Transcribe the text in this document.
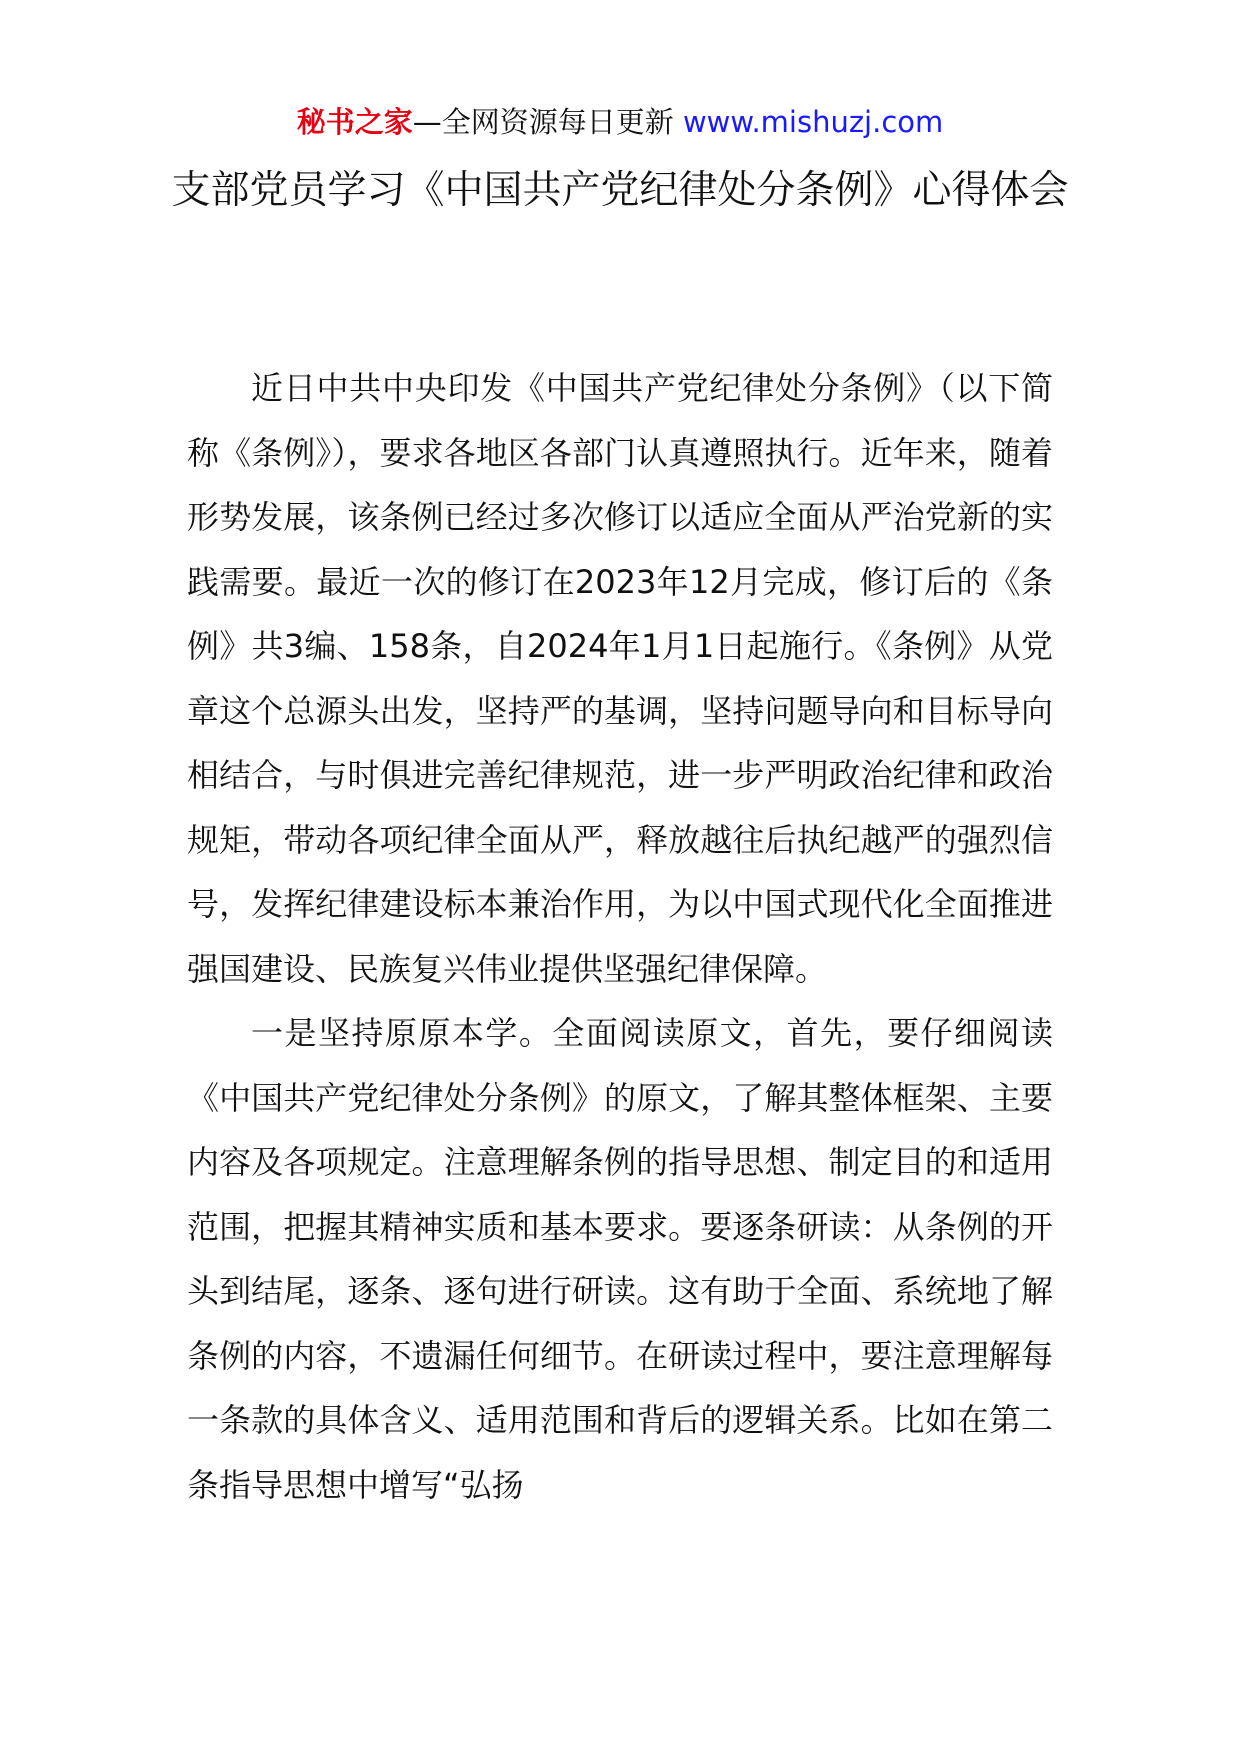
秘书之家—全网资源每日更新 www.mishuzj.com
支部党员学习《中国共产党纪律处分条例》心得体会

近日中共中央印发《中国共产党纪律处分条例》（以下简称《条例》），要求各地区各部门认真遵照执行。近年来，随着形势发展，该条例已经过多次修订以适应全面从严治党新的实践需要。最近一次的修订在2023年12月完成，修订后的《条例》共3编、158条，自2024年1月1日起施行。《条例》从党章这个总源头出发，坚持严的基调，坚持问题导向和目标导向相结合，与时俱进完善纪律规范，进一步严明政治纪律和政治规矩，带动各项纪律全面从严，释放越往后执纪越严的强烈信号，发挥纪律建设标本兼治作用，为以中国式现代化全面推进强国建设、民族复兴伟业提供坚强纪律保障。

一是坚持原原本学。全面阅读原文，首先，要仔细阅读《中国共产党纪律处分条例》的原文，了解其整体框架、主要内容及各项规定。注意理解条例的指导思想、制定目的和适用范围，把握其精神实质和基本要求。要逐条研读：从条例的开头到结尾，逐条、逐句进行研读。这有助于全面、系统地了解条例的内容，不遗漏任何细节。在研读过程中，要注意理解每一条款的具体含义、适用范围和背后的逻辑关系。比如在第二条指导思想中增写“弘扬
